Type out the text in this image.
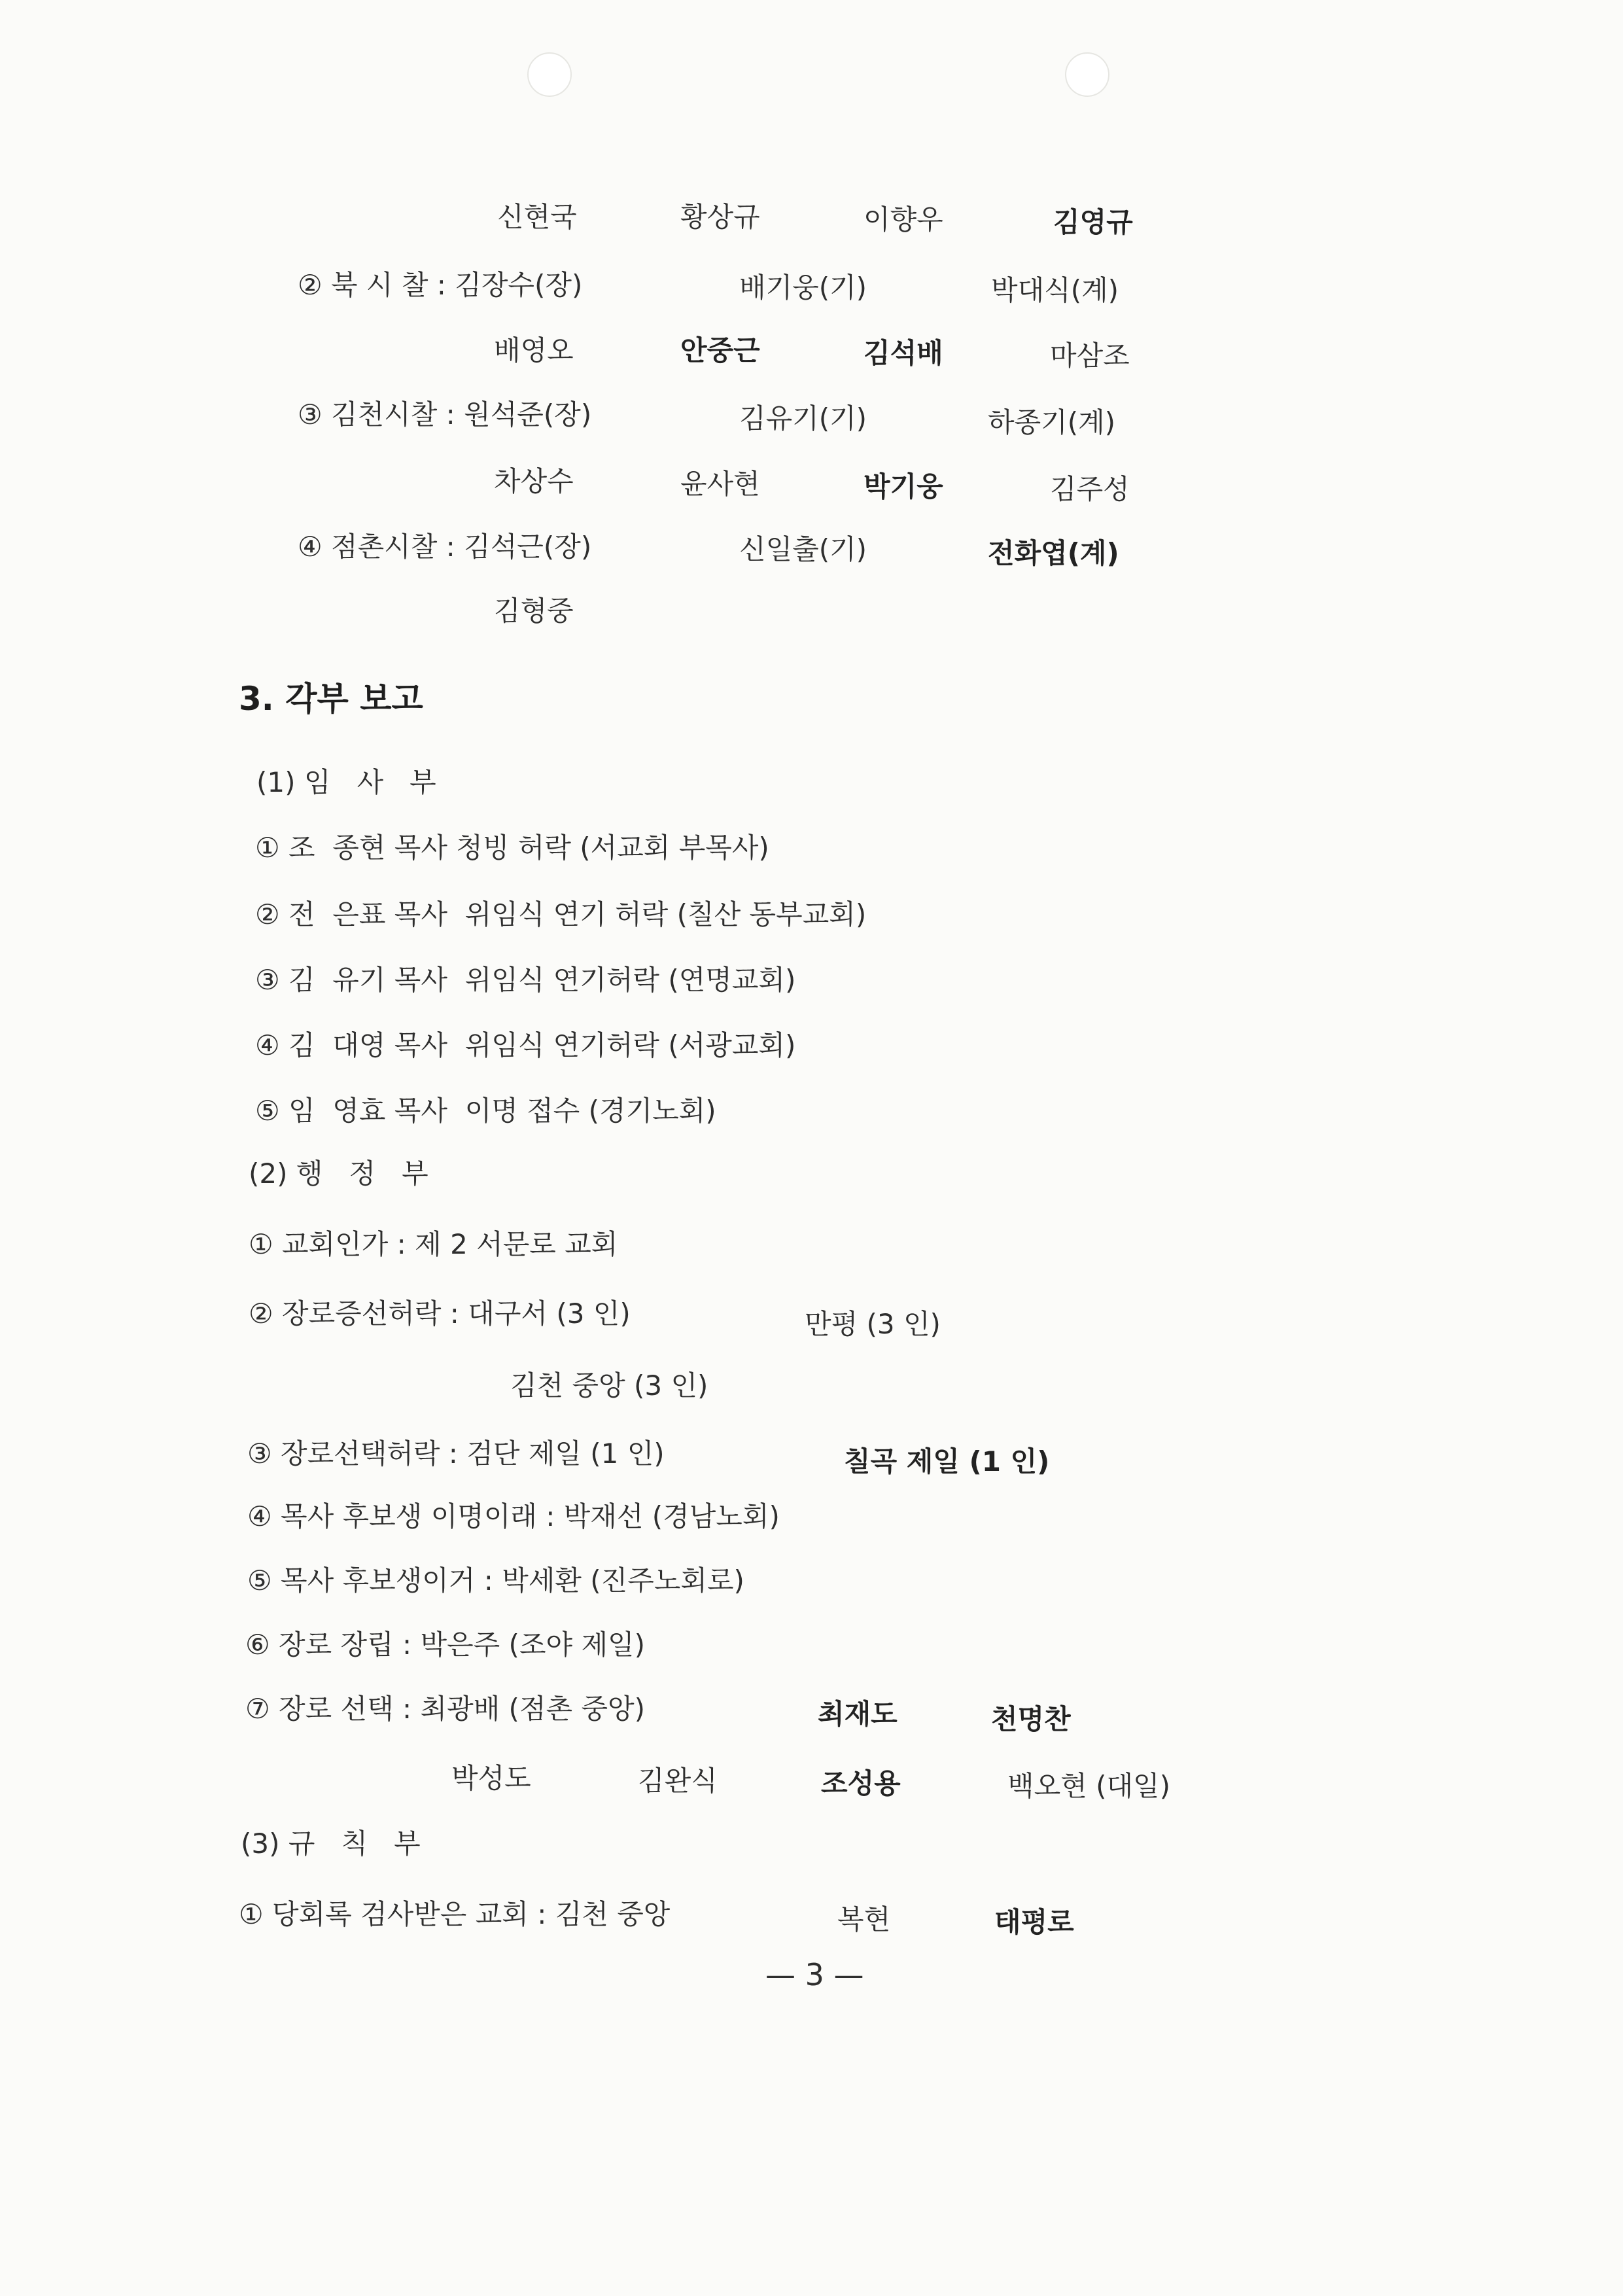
신현국	황상규	이향우	김영규
② 북 시 찰 : 김장수(장)	배기웅(기)	박대식(계)
배영오	안중근	김석배	마삼조
③ 김천시찰 : 원석준(장)	김유기(기)	하종기(계)
차상수	윤사현	박기웅	김주성
④ 점촌시찰 : 김석근(장)	신일출(기)	전화엽(계)
김형중
3. 각부 보고
(1) 임   사   부
① 조  종현 목사 청빙 허락 (서교회 부목사)
② 전  은표 목사  위임식 연기 허락 (칠산 동부교회)
③ 김  유기 목사  위임식 연기허락 (연명교회)
④ 김  대영 목사  위임식 연기허락 (서광교회)
⑤ 임  영효 목사  이명 접수 (경기노회)
(2) 행   정   부
① 교회인가 : 제 2 서문로 교회
② 장로증선허락 : 대구서 (3 인)	만평 (3 인)
김천 중앙 (3 인)
③ 장로선택허락 : 검단 제일 (1 인)	칠곡 제일 (1 인)
④ 목사 후보생 이명이래 : 박재선 (경남노회)
⑤ 목사 후보생이거 : 박세환 (진주노회로)
⑥ 장로 장립 : 박은주 (조야 제일)
⑦ 장로 선택 : 최광배 (점촌 중앙)	최재도	천명찬
박성도	김완식	조성용	백오현 (대일)
(3) 규   칙   부
① 당회록 검사받은 교회 : 김천 중앙	복현	태평로
— 3 —
